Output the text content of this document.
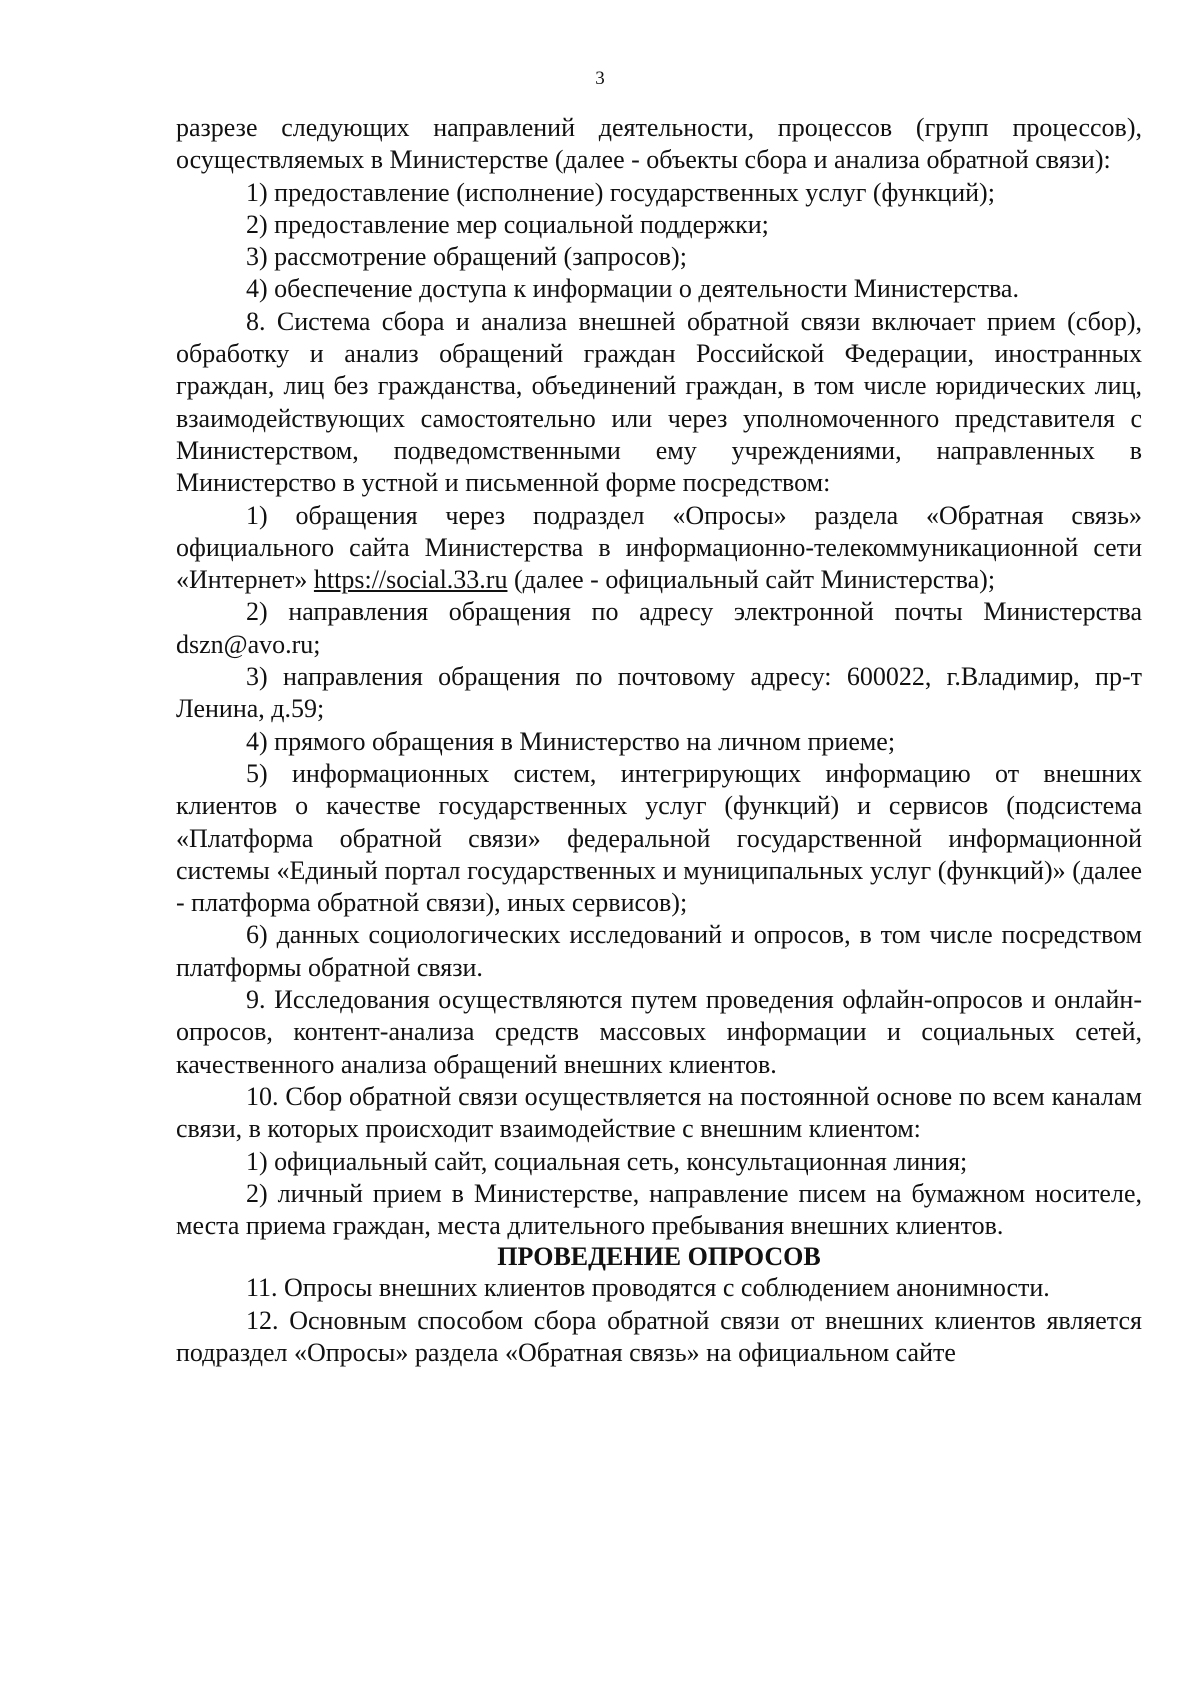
3

разрезе следующих направлений деятельности, процессов (групп процессов), осуществляемых в Министерстве (далее - объекты сбора и анализа обратной связи):

1) предоставление (исполнение) государственных услуг (функций);

2) предоставление мер социальной поддержки;

3) рассмотрение обращений (запросов);

4) обеспечение доступа к информации о деятельности Министерства.

8. Система сбора и анализа внешней обратной связи включает прием (сбор), обработку и анализ обращений граждан Российской Федерации, иностранных граждан, лиц без гражданства, объединений граждан, в том числе юридических лиц, взаимодействующих самостоятельно или через уполномоченного представителя с Министерством, подведомственными ему учреждениями, направленных в Министерство в устной и письменной форме посредством:

1) обращения через подраздел «Опросы» раздела «Обратная связь» официального сайта Министерства в информационно-телекоммуникационной сети «Интернет» https://social.33.ru (далее - официальный сайт Министерства);

2) направления обращения по адресу электронной почты Министерства dszn@avo.ru;

3) направления обращения по почтовому адресу: 600022, г.Владимир, пр-т Ленина, д.59;

4) прямого обращения в Министерство на личном приеме;

5) информационных систем, интегрирующих информацию от внешних клиентов о качестве государственных услуг (функций) и сервисов (подсистема «Платформа обратной связи» федеральной государственной информационной системы «Единый портал государственных и муниципальных услуг (функций)» (далее - платформа обратной связи), иных сервисов);

6) данных социологических исследований и опросов, в том числе посредством платформы обратной связи.

9. Исследования осуществляются путем проведения офлайн-опросов и онлайн-опросов, контент-анализа средств массовых информации и социальных сетей, качественного анализа обращений внешних клиентов.

10. Сбор обратной связи осуществляется на постоянной основе по всем каналам связи, в которых происходит взаимодействие с внешним клиентом:

1) официальный сайт, социальная сеть, консультационная линия;

2) личный прием в Министерстве, направление писем на бумажном носителе, места приема граждан, места длительного пребывания внешних клиентов.

ПРОВЕДЕНИЕ ОПРОСОВ

11. Опросы внешних клиентов проводятся с соблюдением анонимности.

12. Основным способом сбора обратной связи от внешних клиентов является подраздел «Опросы» раздела «Обратная связь» на официальном сайте
